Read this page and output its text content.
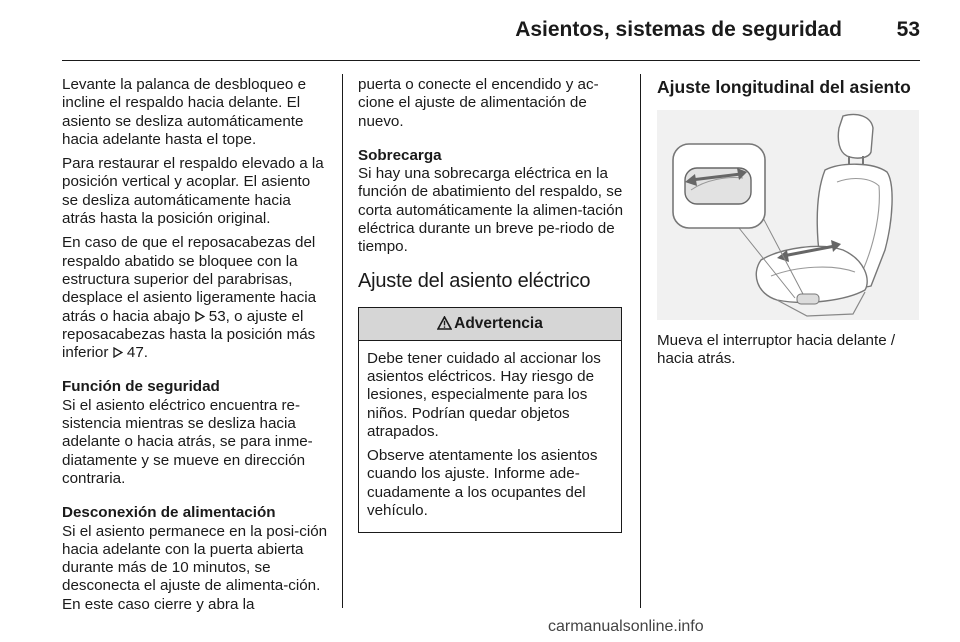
Asientos, sistemas de seguridad	53

Levante la palanca de desbloqueo e incline el respaldo hacia delante. El asiento se desliza automáticamente hacia adelante hasta el tope.

Para restaurar el respaldo elevado a la posición vertical y acoplar. El asiento se desliza automáticamente hacia atrás hasta la posición original.

En caso de que el reposacabezas del respaldo abatido se bloquee con la estructura superior del parabrisas, desplace el asiento ligeramente hacia atrás o hacia abajo  53, o ajuste el reposacabezas hasta la posición más inferior  47.

Función de seguridad
Si el asiento eléctrico encuentra re-sistencia mientras se desliza hacia adelante o hacia atrás, se para inme-diatamente y se mueve en dirección contraria.

Desconexión de alimentación
Si el asiento permanece en la posi-ción hacia adelante con la puerta abierta durante más de 10 minutos, se desconecta el ajuste de alimenta-ción. En este caso cierre y abra la

puerta o conecte el encendido y ac-cione el ajuste de alimentación de nuevo.

Sobrecarga
Si hay una sobrecarga eléctrica en la función de abatimiento del respaldo, se corta automáticamente la alimen-tación eléctrica durante un breve pe-riodo de tiempo.

Ajuste del asiento eléctrico
Advertencia

Debe tener cuidado al accionar los asientos eléctricos. Hay riesgo de lesiones, especialmente para los niños. Podrían quedar objetos atrapados.

Observe atentamente los asientos cuando los ajuste. Informe ade-cuadamente a los ocupantes del vehículo.

Ajuste longitudinal del asiento

Mueva el interruptor hacia delante / hacia atrás.

carmanualsonline.info
